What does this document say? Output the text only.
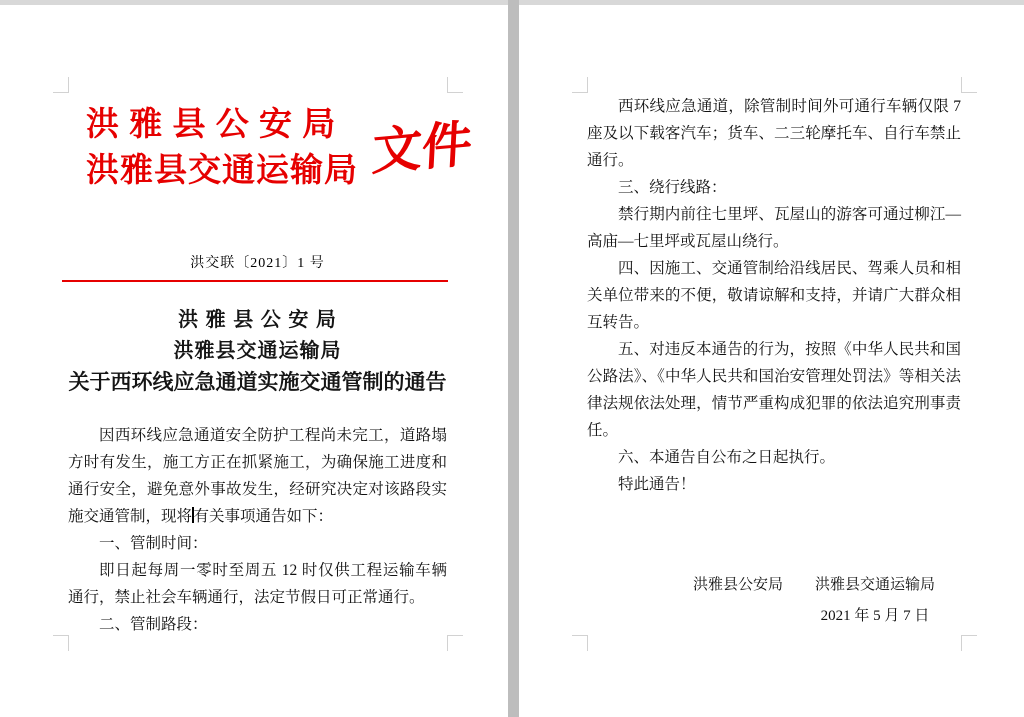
洪 雅 县 公 安 局
洪雅县交通运输局 文件
洪交联〔2021〕1 号
洪 雅 县 公 安 局
洪雅县交通运输局
关于西环线应急通道实施交通管制的通告

因西环线应急通道安全防护工程尚未完工，道路塌方时有发生，施工方正在抓紧施工，为确保施工进度和通行安全，避免意外事故发生，经研究决定对该路段实施交通管制，现将有关事项通告如下：

一、管制时间：

即日起每周一零时至周五 12 时仅供工程运输车辆通行，禁止社会车辆通行，法定节假日可正常通行。

二、管制路段：

西环线应急通道，除管制时间外可通行车辆仅限 7 座及以下载客汽车；货车、二三轮摩托车、自行车禁止通行。

三、绕行线路：

禁行期内前往七里坪、瓦屋山的游客可通过柳江—高庙—七里坪或瓦屋山绕行。

四、因施工、交通管制给沿线居民、驾乘人员和相关单位带来的不便，敬请谅解和支持，并请广大群众相互转告。

五、对违反本通告的行为，按照《中华人民共和国公路法》、《中华人民共和国治安管理处罚法》等相关法律法规依法处理，情节严重构成犯罪的依法追究刑事责任。

六、本通告自公布之日起执行。

特此通告！

洪雅县公安局 洪雅县交通运输局
2021 年 5 月 7 日
